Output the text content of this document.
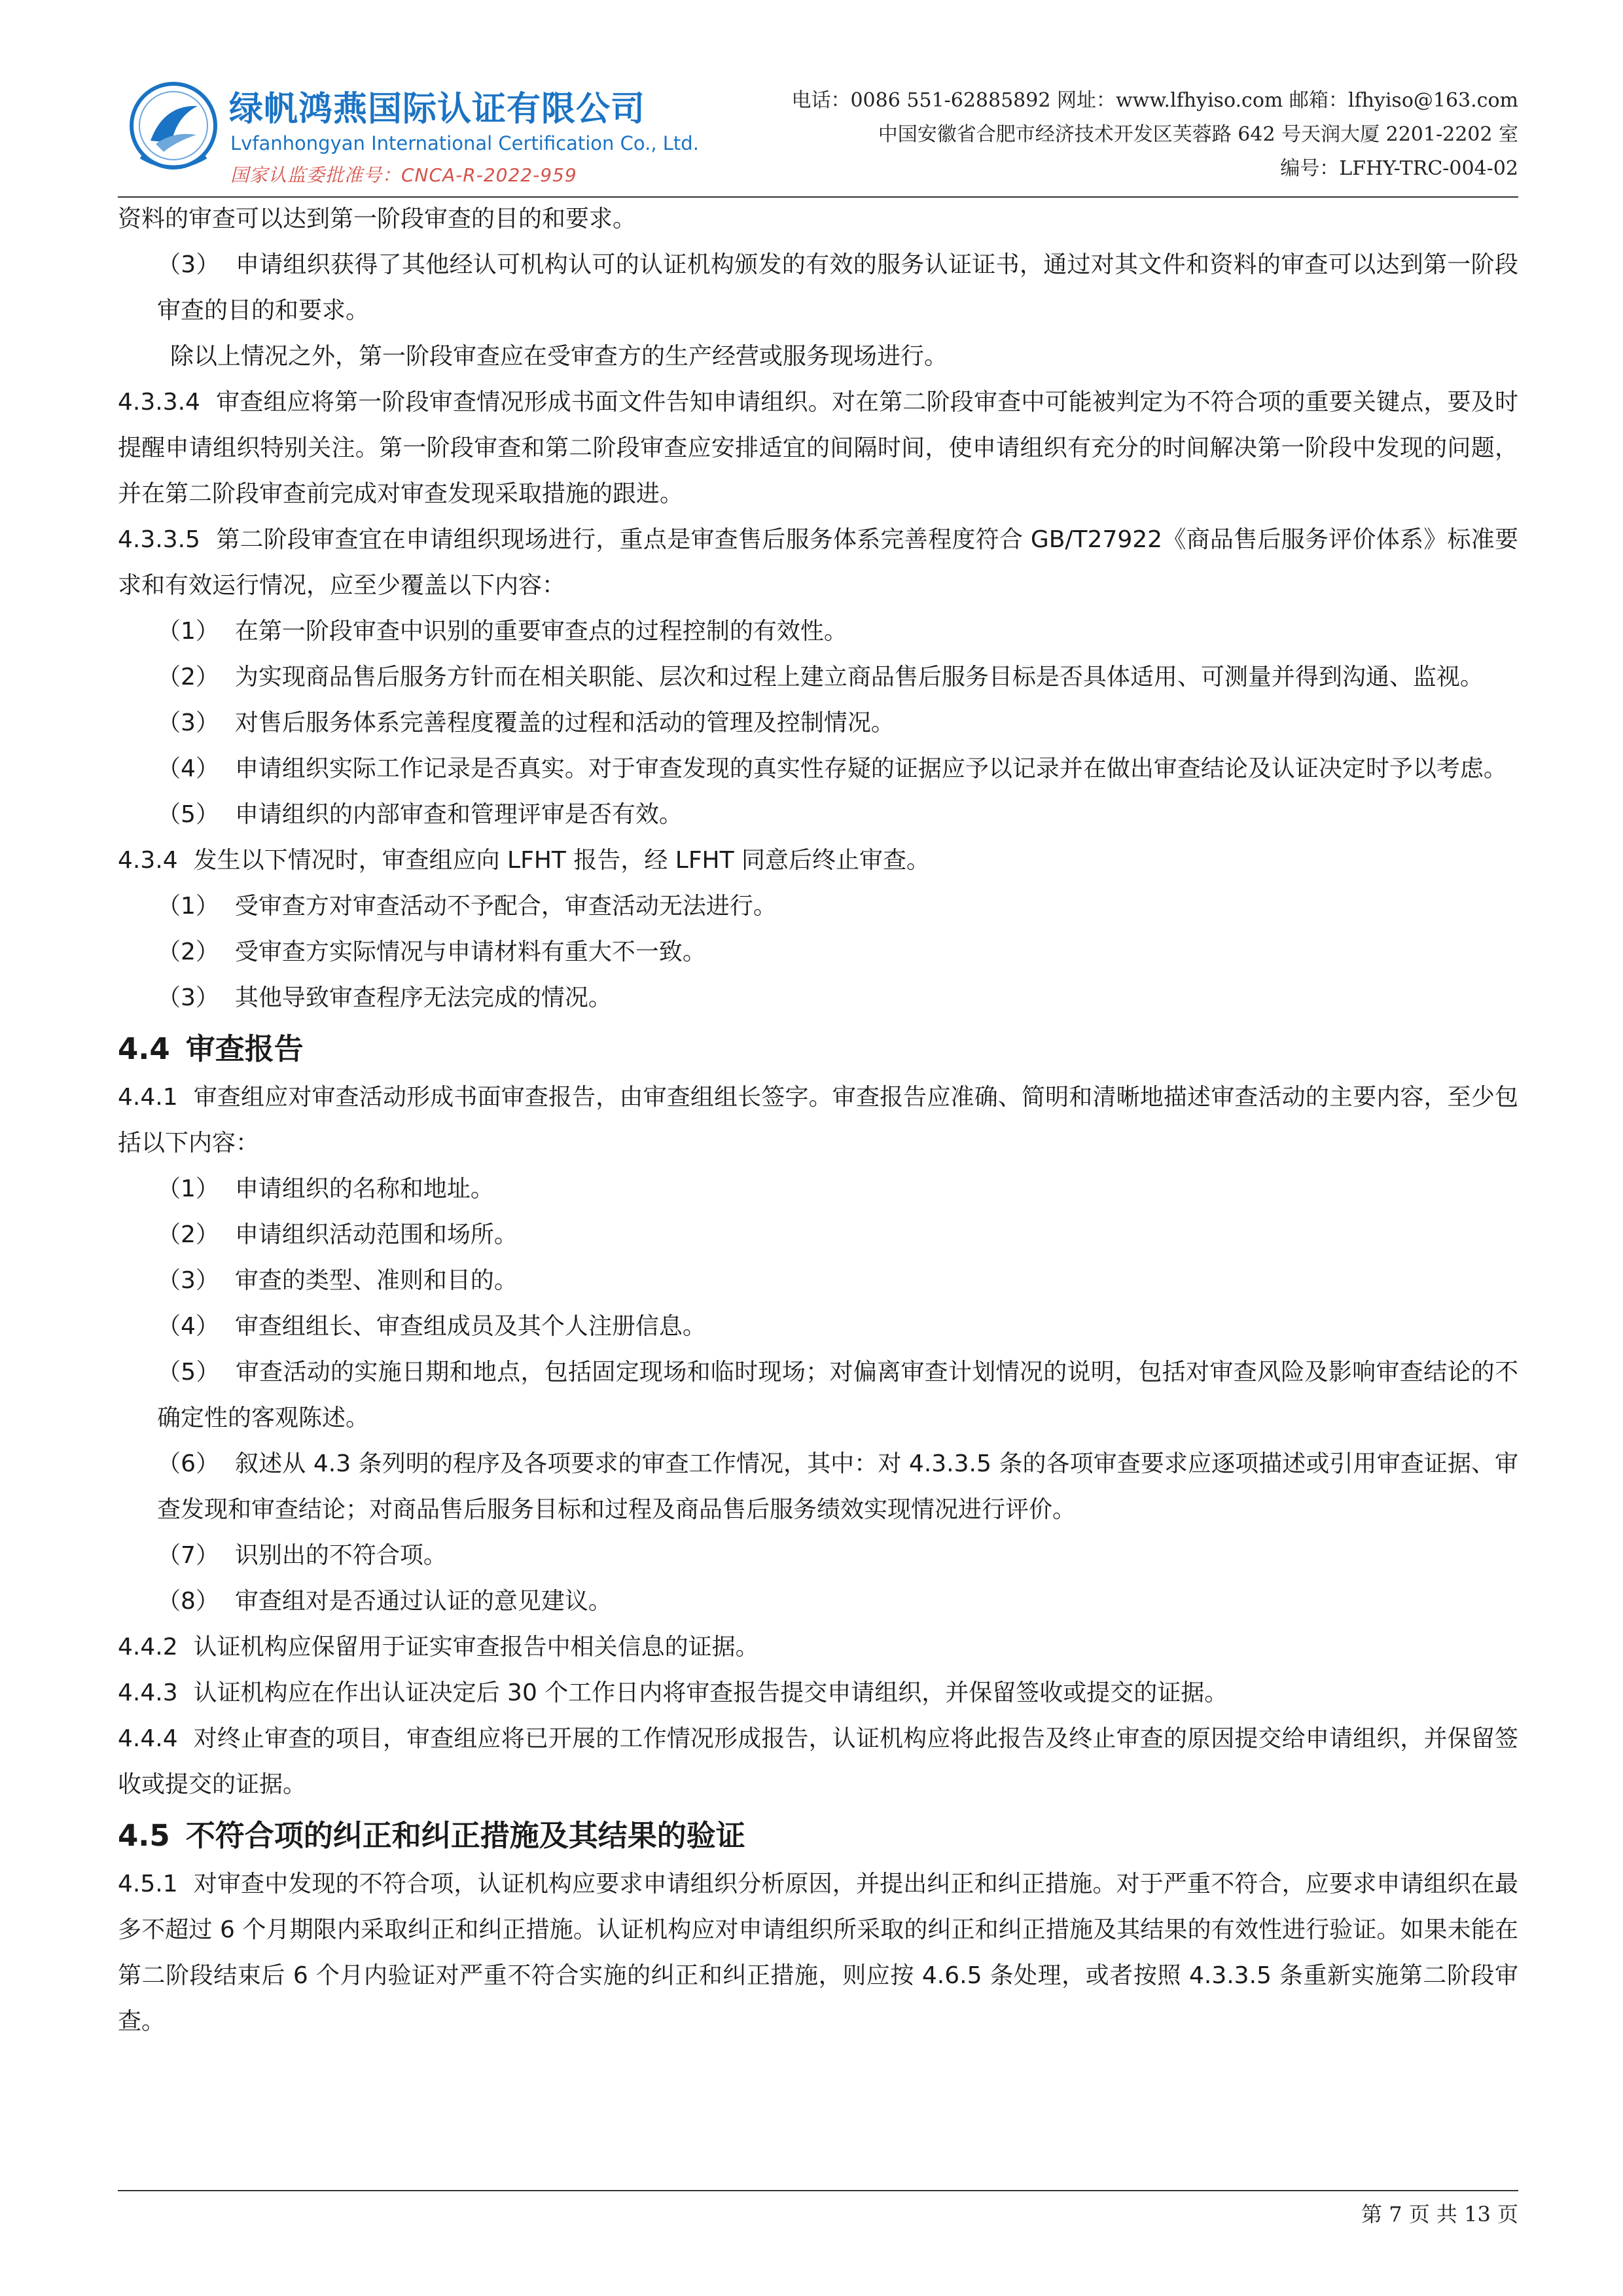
绿帆鸿燕国际认证有限公司
Lvfanhongyan International Certification Co., Ltd.
国家认监委批准号：CNCA-R-2022-959
电话：0086 551-62885892 网址：www.lfhyiso.com 邮箱：lfhyiso@163.com
中国安徽省合肥市经济技术开发区芙蓉路 642 号天润大厦 2201-2202 室
编号：LFHY-TRC-004-02

资料的审查可以达到第一阶段审查的目的和要求。

（3） 申请组织获得了其他经认可机构认可的认证机构颁发的有效的服务认证证书，通过对其文件和资料的审查可以达到第一阶段审查的目的和要求。

除以上情况之外，第一阶段审查应在受审查方的生产经营或服务现场进行。

4.3.3.4 审查组应将第一阶段审查情况形成书面文件告知申请组织。对在第二阶段审查中可能被判定为不符合项的重要关键点，要及时提醒申请组织特别关注。第一阶段审查和第二阶段审查应安排适宜的间隔时间，使申请组织有充分的时间解决第一阶段中发现的问题，并在第二阶段审查前完成对审查发现采取措施的跟进。

4.3.3.5 第二阶段审查宜在申请组织现场进行，重点是审查售后服务体系完善程度符合 GB/T27922《商品售后服务评价体系》标准要求和有效运行情况，应至少覆盖以下内容：

（1） 在第一阶段审查中识别的重要审查点的过程控制的有效性。

（2） 为实现商品售后服务方针而在相关职能、层次和过程上建立商品售后服务目标是否具体适用、可测量并得到沟通、监视。

（3） 对售后服务体系完善程度覆盖的过程和活动的管理及控制情况。

（4） 申请组织实际工作记录是否真实。对于审查发现的真实性存疑的证据应予以记录并在做出审查结论及认证决定时予以考虑。

（5） 申请组织的内部审查和管理评审是否有效。

4.3.4 发生以下情况时，审查组应向 LFHT 报告，经 LFHT 同意后终止审查。

（1） 受审查方对审查活动不予配合，审查活动无法进行。

（2） 受审查方实际情况与申请材料有重大不一致。

（3） 其他导致审查程序无法完成的情况。

4.4 审查报告

4.4.1 审查组应对审查活动形成书面审查报告，由审查组组长签字。审查报告应准确、简明和清晰地描述审查活动的主要内容，至少包括以下内容：

（1） 申请组织的名称和地址。

（2） 申请组织活动范围和场所。

（3） 审查的类型、准则和目的。

（4） 审查组组长、审查组成员及其个人注册信息。

（5） 审查活动的实施日期和地点，包括固定现场和临时现场；对偏离审查计划情况的说明，包括对审查风险及影响审查结论的不确定性的客观陈述。

（6） 叙述从 4.3 条列明的程序及各项要求的审查工作情况，其中：对 4.3.3.5 条的各项审查要求应逐项描述或引用审查证据、审查发现和审查结论；对商品售后服务目标和过程及商品售后服务绩效实现情况进行评价。

（7） 识别出的不符合项。

（8） 审查组对是否通过认证的意见建议。

4.4.2 认证机构应保留用于证实审查报告中相关信息的证据。

4.4.3 认证机构应在作出认证决定后 30 个工作日内将审查报告提交申请组织，并保留签收或提交的证据。

4.4.4 对终止审查的项目，审查组应将已开展的工作情况形成报告，认证机构应将此报告及终止审查的原因提交给申请组织，并保留签收或提交的证据。

4.5 不符合项的纠正和纠正措施及其结果的验证

4.5.1 对审查中发现的不符合项，认证机构应要求申请组织分析原因，并提出纠正和纠正措施。对于严重不符合，应要求申请组织在最多不超过 6 个月期限内采取纠正和纠正措施。认证机构应对申请组织所采取的纠正和纠正措施及其结果的有效性进行验证。如果未能在第二阶段结束后 6 个月内验证对严重不符合实施的纠正和纠正措施，则应按 4.6.5 条处理，或者按照 4.3.3.5 条重新实施第二阶段审查。

第 7 页 共 13 页
